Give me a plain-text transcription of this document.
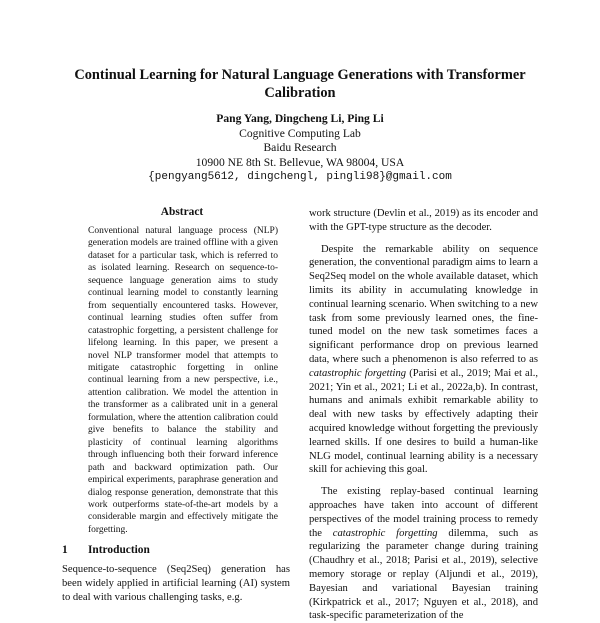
Continual Learning for Natural Language Generations with Transformer Calibration
Pang Yang, Dingcheng Li, Ping Li
Cognitive Computing Lab
Baidu Research
10900 NE 8th St. Bellevue, WA 98004, USA
{pengyang5612, dingchengl, pingli98}@gmail.com
Abstract
Conventional natural language process (NLP) generation models are trained offline with a given dataset for a particular task, which is referred to as isolated learning. Research on sequence-to-sequence language generation aims to study continual learning model to constantly learning from sequentially encountered tasks. However, continual learning studies often suffer from catastrophic forgetting, a persistent challenge for lifelong learning. In this paper, we present a novel NLP transformer model that attempts to mitigate catastrophic forgetting in online continual learning from a new perspective, i.e., attention calibration. We model the attention in the transformer as a calibrated unit in a general formulation, where the attention calibration could give benefits to balance the stability and plasticity of continual learning algorithms through influencing both their forward inference path and backward optimization path. Our empirical experiments, paraphrase generation and dialog response generation, demonstrate that this work outperforms state-of-the-art models by a considerable margin and effectively mitigate the forgetting.
1 Introduction
Sequence-to-sequence (Seq2Seq) generation has been widely applied in artificial learning (AI) system to deal with various challenging tasks, e.g.

work structure (Devlin et al., 2019) as its encoder and with the GPT-type structure as the decoder.

Despite the remarkable ability on sequence generation, the conventional paradigm aims to learn a Seq2Seq model on the whole available dataset, which limits its ability in accumulating knowledge in continual learning scenario. When switching to a new task from some previously learned ones, the fine-tuned model on the new task sometimes faces a significant performance drop on previous learned data, where such a phenomenon is also referred to as catastrophic forgetting (Parisi et al., 2019; Mai et al., 2021; Yin et al., 2021; Li et al., 2022a,b). In contrast, humans and animals exhibit remarkable ability to deal with new tasks by effectively adapting their acquired knowledge without forgetting the previously learned skills. If one desires to build a human-like NLG model, continual learning ability is a necessary skill for achieving this goal.

The existing replay-based continual learning approaches have taken into account of different perspectives of the model training process to remedy the catastrophic forgetting dilemma, such as regularizing the parameter change during training (Chaudhry et al., 2018; Parisi et al., 2019), selective memory storage or replay (Aljundi et al., 2019), Bayesian and variational Bayesian training (Kirkpatrick et al., 2017; Nguyen et al., 2018), and task-specific parameterization of the
